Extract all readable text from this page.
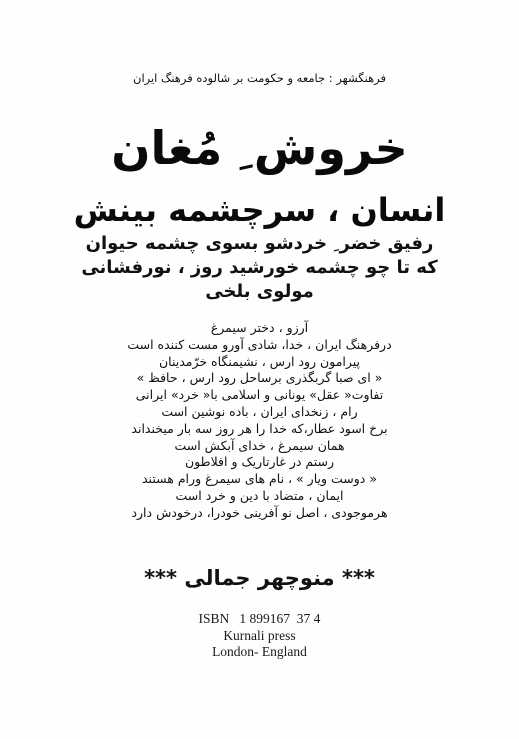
فرهنگشهر : جامعه و حکومت بر شالوده فرهنگ ایران
خروش ِ مُغان
انسان ، سرچشمه بینش
رفیق خضر ِ خردشو بسوی چشمه حیوان
که تا چو چشمه خورشید روز ، نورفشانی
مولوی بلخی
آرزو ، دختر سیمرغ
درفرهنگ ایران ، خدا، شادی آورو مست کننده است
پیرامون رود ارس ، نشیمنگاه خرّمدینان
« ای صبا گربگذری برساحل رود ارس ، حافظ »
تفاوت« عقل» یونانی و اسلامی با« خرد» ایرانی
رام ، زنخدای ایران ، باده نوشین است
برخ اسود عطار،که خدا را هر روز سه بار میخنداند
همان سیمرغ ، خدای آبکش است
رستم در غارتاریک و افلاطون
« دوست ویار » ، نام های سیمرغ ورام هستند
ایمان ، متضاد با دین و خرد است
هرموجودی ، اصل نو آفرینی خودرا، درخودش دارد
*** منوچهر جمالی ***
ISBN   1 899167  37 4
Kurnali press
London- England
